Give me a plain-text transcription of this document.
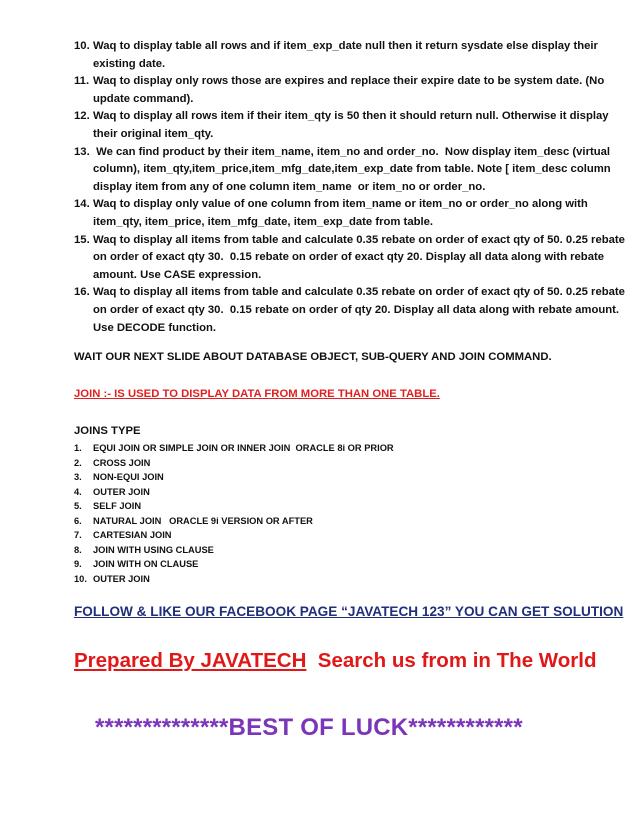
10. Waq to display table all rows and if item_exp_date null then it return sysdate else display their
existing date.
11. Waq to display only rows those are expires and replace their expire date to be system date. (No
update command).
12. Waq to display all rows item if their item_qty is 50 then it should return null. Otherwise it display
their original item_qty.
13. We can find product by their item_name, item_no and order_no.  Now display item_desc (virtual
column), item_qty,item_price,item_mfg_date,item_exp_date from table. Note [ item_desc column
display item from any of one column item_name  or item_no or order_no.
14. Waq to display only value of one column from item_name or item_no or order_no along with
item_qty, item_price, item_mfg_date, item_exp_date from table.
15. Waq to display all items from table and calculate 0.35 rebate on order of exact qty of 50. 0.25 rebate
on order of exact qty 30.  0.15 rebate on order of exact qty 20. Display all data along with rebate
amount. Use CASE expression.
16. Waq to display all items from table and calculate 0.35 rebate on order of exact qty of 50. 0.25 rebate
on order of exact qty 30.  0.15 rebate on order of qty 20. Display all data along with rebate amount.
Use DECODE function.
WAIT OUR NEXT SLIDE ABOUT DATABASE OBJECT, SUB-QUERY AND JOIN COMMAND.
JOIN :- IS USED TO DISPLAY DATA FROM MORE THAN ONE TABLE.
JOINS TYPE
1.	EQUI JOIN OR SIMPLE JOIN OR INNER JOIN  ORACLE 8i OR PRIOR
2.	CROSS JOIN
3.	NON-EQUI JOIN
4.	OUTER JOIN
5.	SELF JOIN
6.	NATURAL JOIN   ORACLE 9i VERSION OR AFTER
7.	CARTESIAN JOIN
8.	JOIN WITH USING CLAUSE
9.	JOIN WITH ON CLAUSE
10. OUTER JOIN
FOLLOW & LIKE OUR FACEBOOK PAGE “JAVATECH 123” YOU CAN GET SOLUTION
Prepared By JAVATECH  Search us from in The World
**************BEST OF LUCK************
